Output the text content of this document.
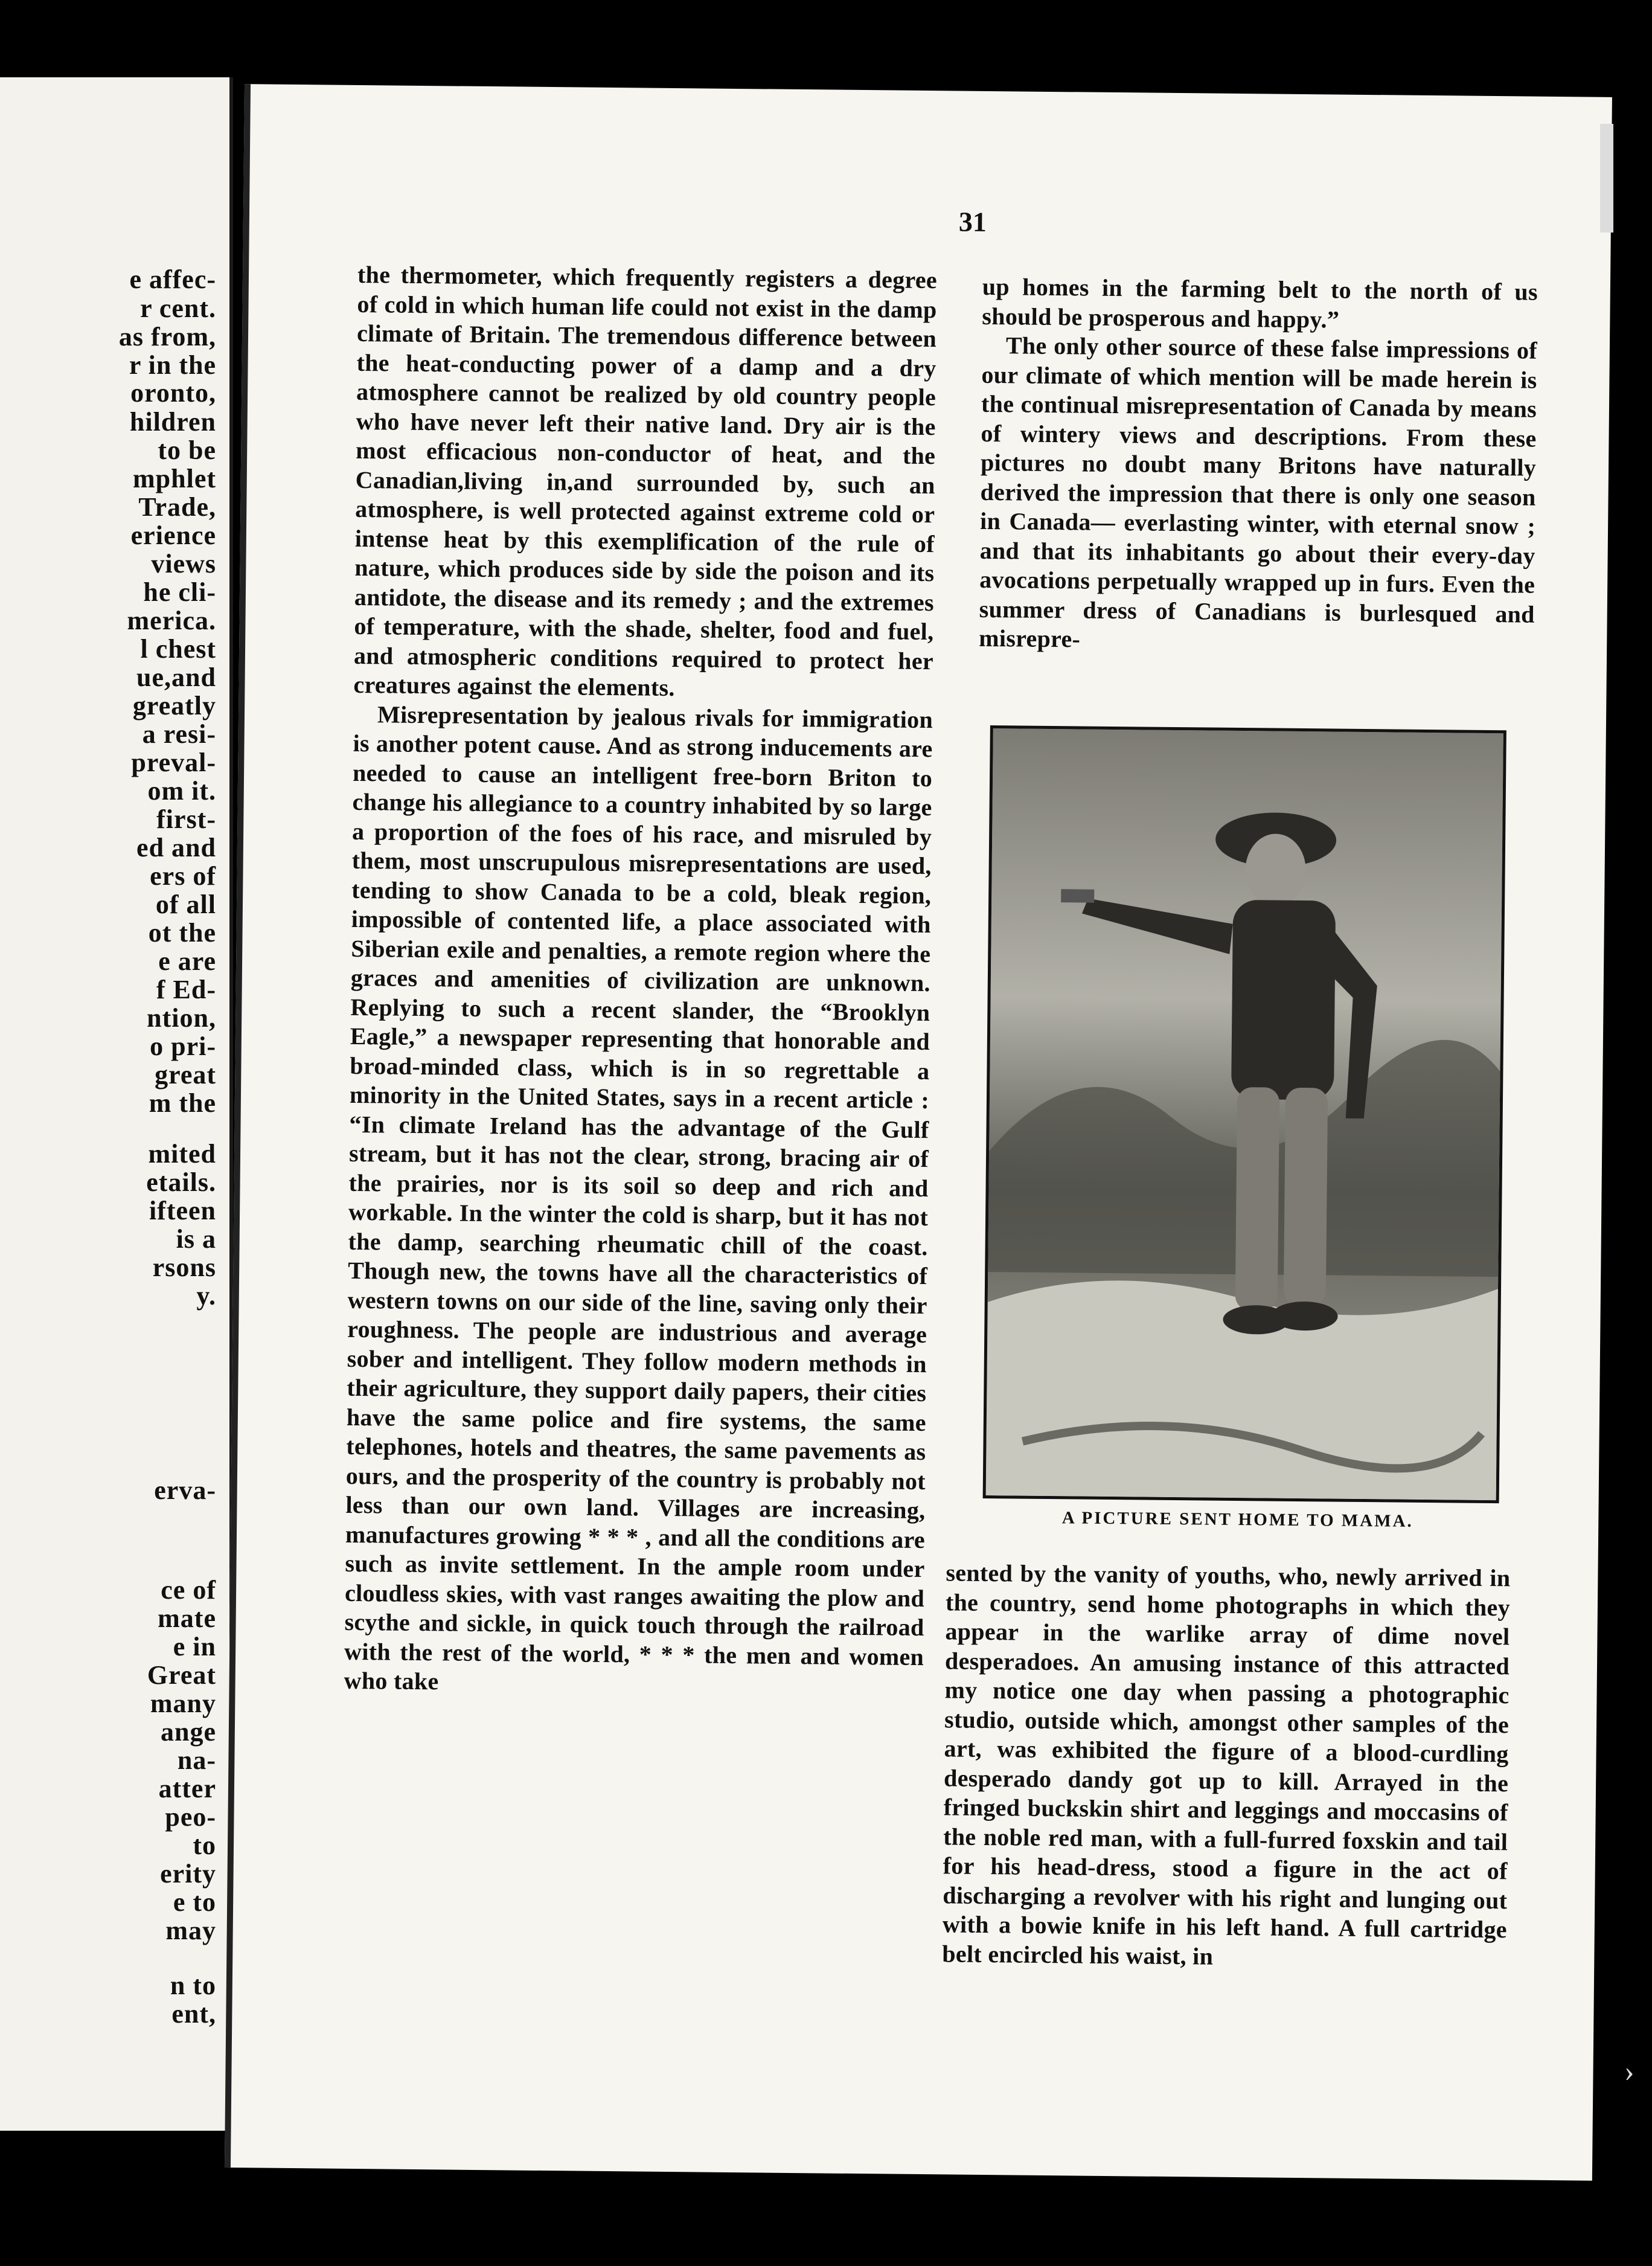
e affec-
r cent.
as from,
r in the
oronto,
hildren
to be
mphlet
Trade,
erience
views
he cli-
merica.
l chest
ue,and
greatly
a resi-
preval-
om it.
first-
ed and
ers of
of all
ot the
e are
f Ed-
ntion,
o pri-
great
m the
mited
etails.
ifteen
is a
rsons
y.
erva-
ce of
mate
e in
Great
many
ange
na-
atter
peo-
to
erity
e to
may
n to
ent,
31

the thermometer, which frequently registers a degree of cold in which human life could not exist in the damp climate of Britain. The tremendous difference between the heat-conducting power of a damp and a dry atmosphere cannot be realized by old country people who have never left their native land. Dry air is the most efficacious non-conductor of heat, and the Canadian,living in,and surrounded by, such an atmosphere, is well protected against extreme cold or intense heat by this exemplification of the rule of nature, which produces side by side the poison and its antidote, the disease and its remedy ; and the extremes of temperature, with the shade, shelter, food and fuel, and atmospheric conditions required to protect her creatures against the elements.

Misrepresentation by jealous rivals for immigration is another potent cause. And as strong inducements are needed to cause an intelligent free-born Briton to change his allegiance to a country inhabited by so large a proportion of the foes of his race, and misruled by them, most unscrupulous misrepresentations are used, tending to show Canada to be a cold, bleak region, impossible of contented life, a place associated with Siberian exile and penalties, a remote region where the graces and amenities of civilization are unknown. Replying to such a recent slander, the “Brooklyn Eagle,” a newspaper representing that honorable and broad-minded class, which is in so regrettable a minority in the United States, says in a recent article : “In climate Ireland has the advantage of the Gulf stream, but it has not the clear, strong, bracing air of the prairies, nor is its soil so deep and rich and workable. In the winter the cold is sharp, but it has not the damp, searching rheumatic chill of the coast. Though new, the towns have all the characteristics of western towns on our side of the line, saving only their roughness. The people are industrious and average sober and intelligent. They follow modern methods in their agriculture, they support daily papers, their cities have the same police and fire systems, the same telephones, hotels and theatres, the same pavements as ours, and the prosperity of the country is probably not less than our own land. Villages are increasing, manufactures growing * * * , and all the conditions are such as invite settlement. In the ample room under cloudless skies, with vast ranges awaiting the plow and scythe and sickle, in quick touch through the railroad with the rest of the world, * * * the men and women who take

up homes in the farming belt to the north of us should be prosperous and happy.”

The only other source of these false impressions of our climate of which mention will be made herein is the continual misrepresentation of Canada by means of wintery views and descriptions. From these pictures no doubt many Britons have naturally derived the impression that there is only one season in Canada— everlasting winter, with eternal snow ; and that its inhabitants go about their every-day avocations perpetually wrapped up in furs. Even the summer dress of Canadians is burlesqued and misrepre-

A PICTURE SENT HOME TO MAMA.

sented by the vanity of youths, who, newly arrived in the country, send home photographs in which they appear in the warlike array of dime novel desperadoes. An amusing instance of this attracted my notice one day when passing a photographic studio, outside which, amongst other samples of the art, was exhibited the figure of a blood-curdling desperado dandy got up to kill. Arrayed in the fringed buckskin shirt and leggings and moccasins of the noble red man, with a full-furred foxskin and tail for his head-dress, stood a figure in the act of discharging a revolver with his right and lunging out with a bowie knife in his left hand. A full cartridge belt encircled his waist, in

›
